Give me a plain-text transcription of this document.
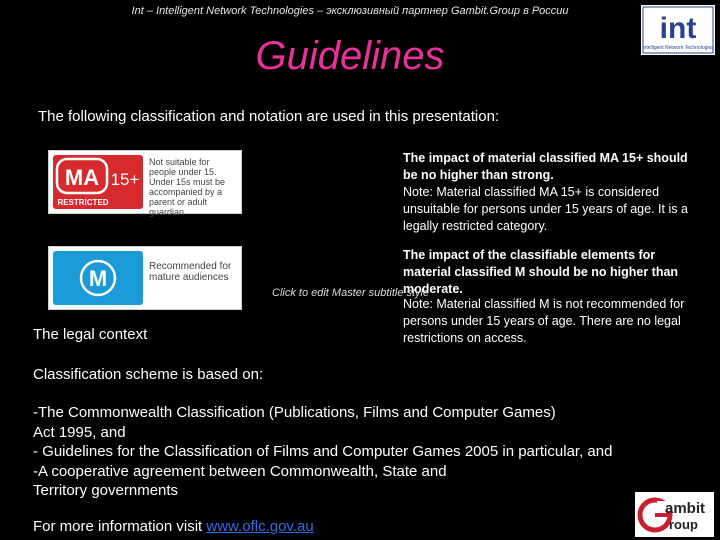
Int – Intelligent Network Technologies – эксклюзивный партнер Gambit.Group в России
Guidelines
int
Intelligent Network Technologies
The following classification and notation are used in this presentation:
MA 15+
RESTRICTED
Not suitable for people under 15. Under 15s must be accompanied by a parent or adult guardian
M	Recommended for mature audiences
The impact of material classified MA 15+ should be no higher than strong.
Note: Material classified MA 15+ is considered unsuitable for persons under 15 years of age. It is a legally restricted category.
The impact of the classifiable elements for material classified M should be no higher than moderate.
Click to edit Master subtitle style
Note: Material classified M is not recommended for persons under 15 years of age. There are no legal restrictions on access.
The legal context
Classification scheme is based on:
-The Commonwealth Classification (Publications, Films and Computer Games)
Act 1995, and
- Guidelines for the Classification of Films and Computer Games 2005 in particular, and
-A cooperative agreement between Commonwealth, State and
Territory governments
For more information visit www.oflc.gov.au
ambit
roup
